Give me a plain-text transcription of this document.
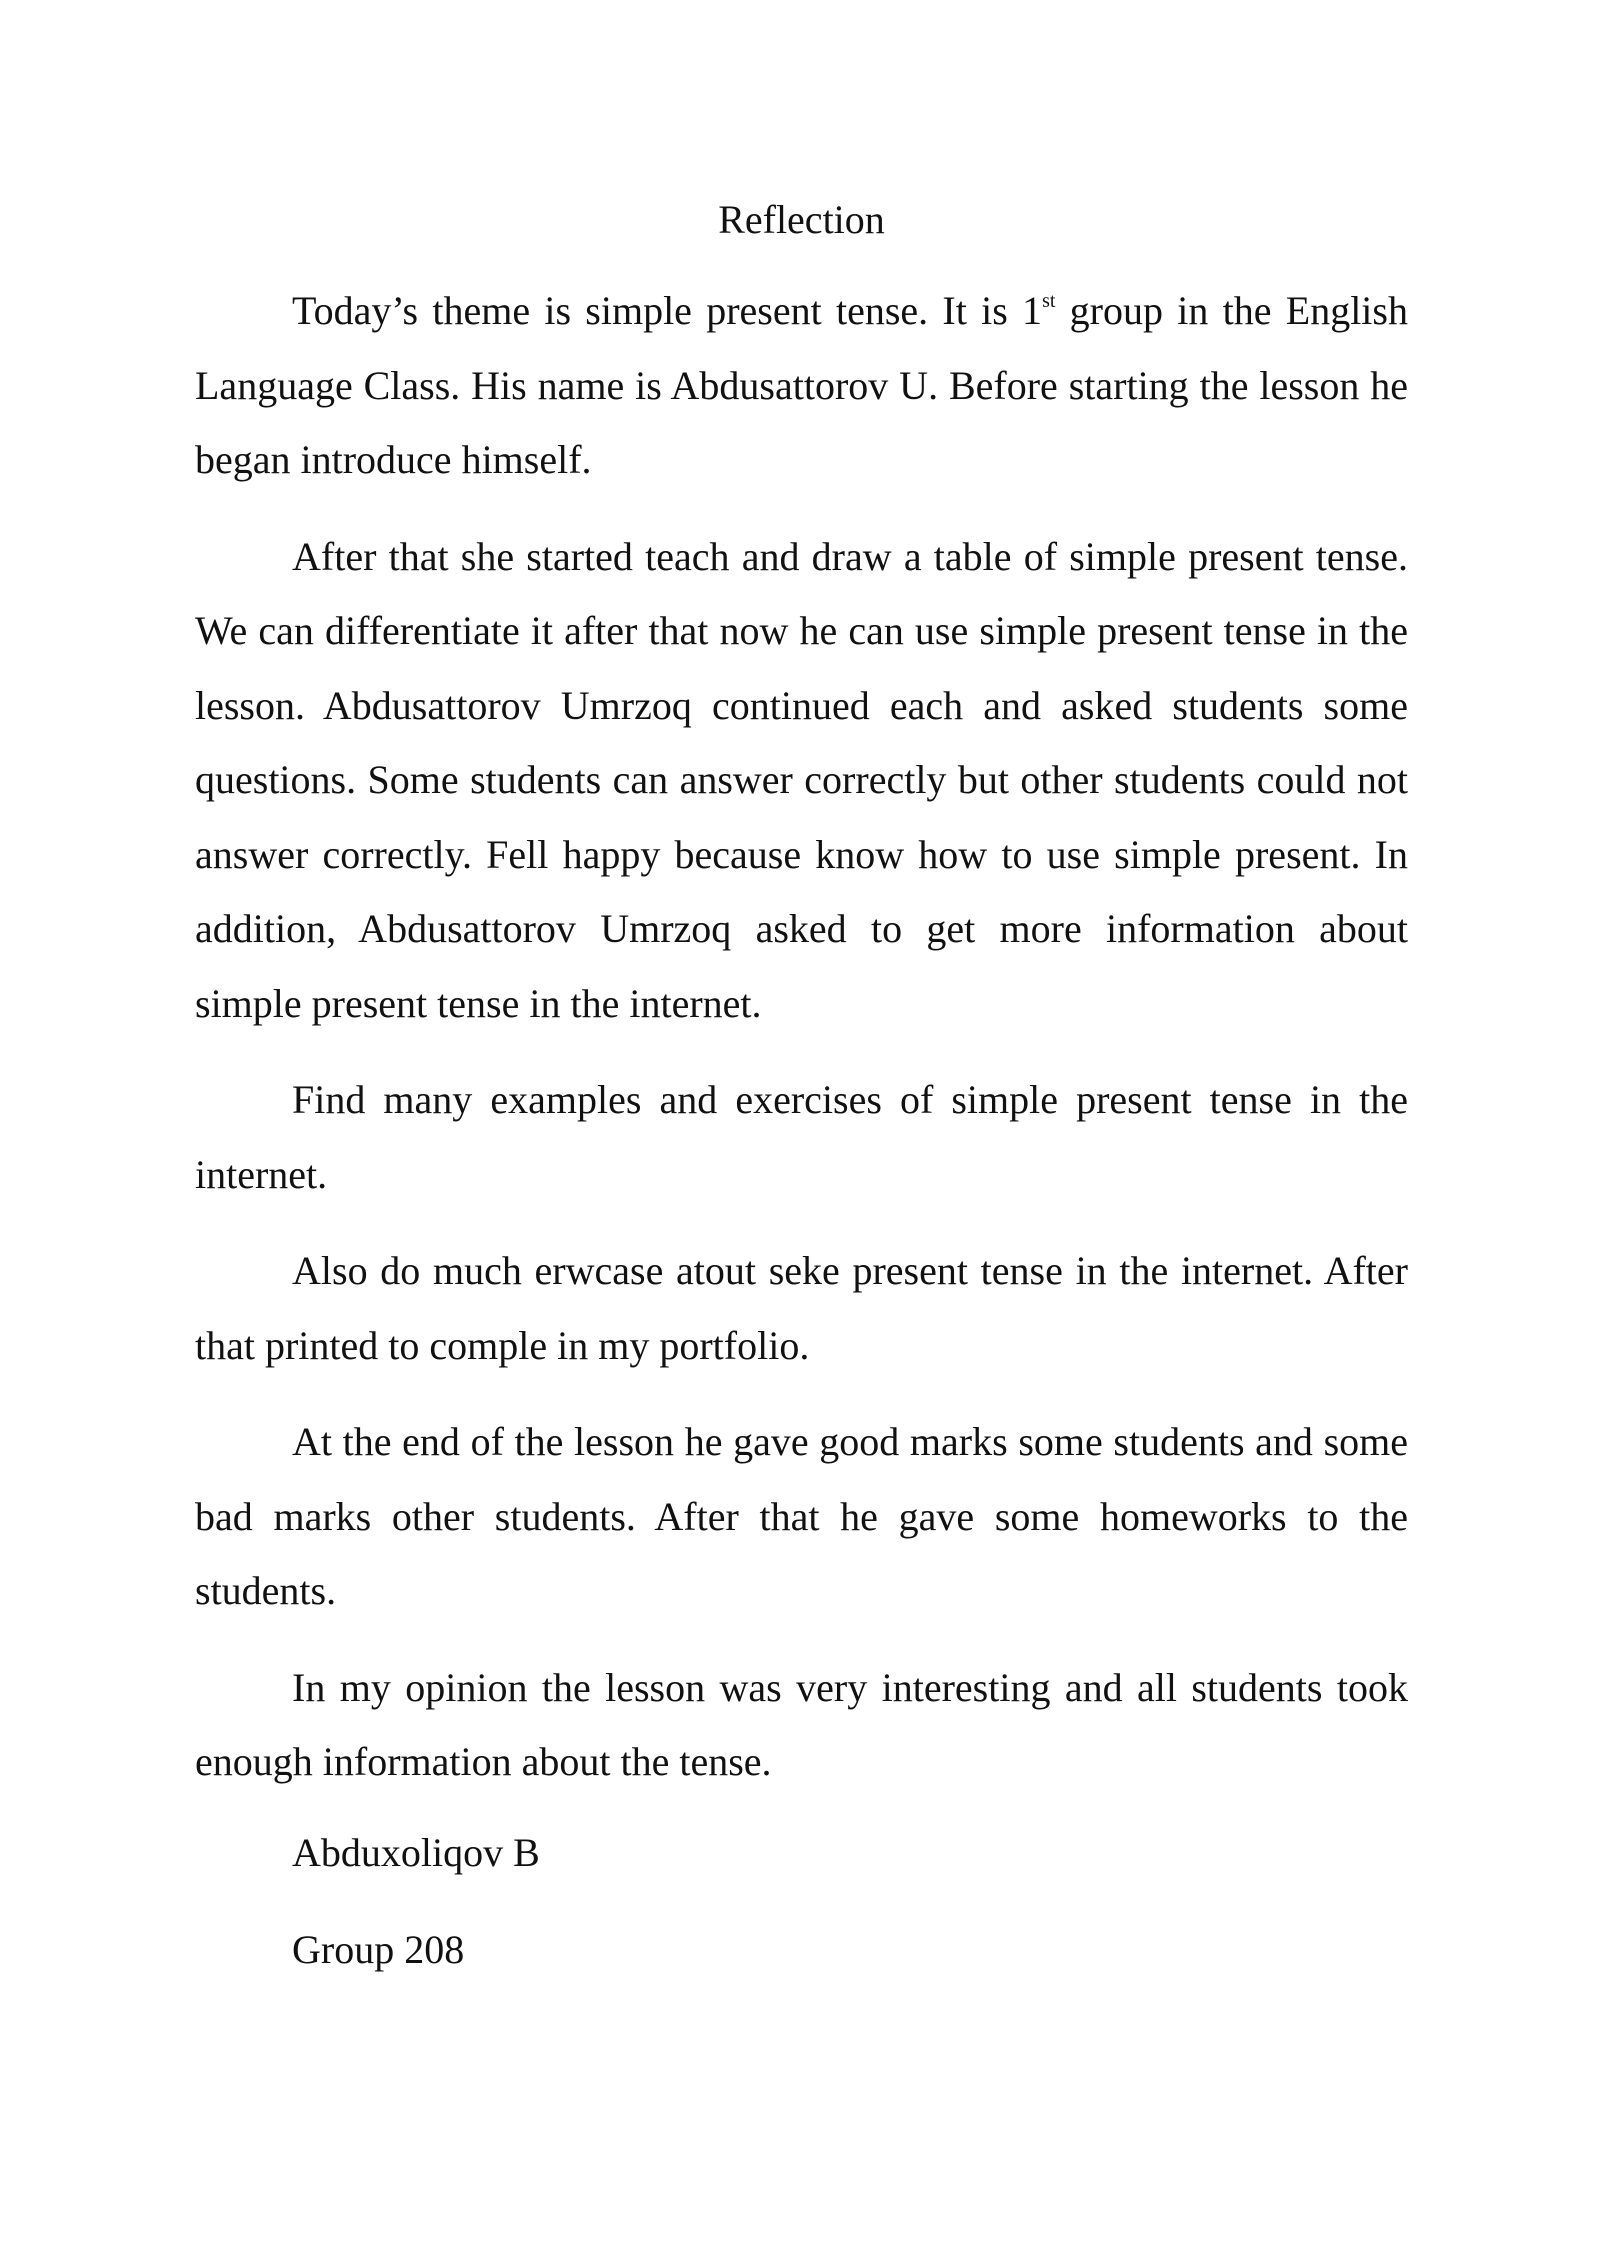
Reflection

Today’s theme is simple present tense. It is 1st group in the English Language Class. His name is Abdusattorov U. Before starting the lesson he began introduce himself.

After that she started teach and draw a table of simple present tense. We can differentiate it after that now he can use simple present tense in the lesson. Abdusattorov Umrzoq continued each and asked students some questions. Some students can answer correctly but other students could not answer correctly. Fell happy because know how to use simple present. In addition, Abdusattorov Umrzoq asked to get more information about simple present tense in the internet.

Find many examples and exercises of simple present tense in the internet.

Also do much erwcase atout seke present tense in the internet. After that printed to comple in my portfolio.

At the end of the lesson he gave good marks some students and some bad marks other students. After that he gave some homeworks to the students.

In my opinion the lesson was very interesting and all students took enough information about the tense.

Abduxoliqov B
Group 208
